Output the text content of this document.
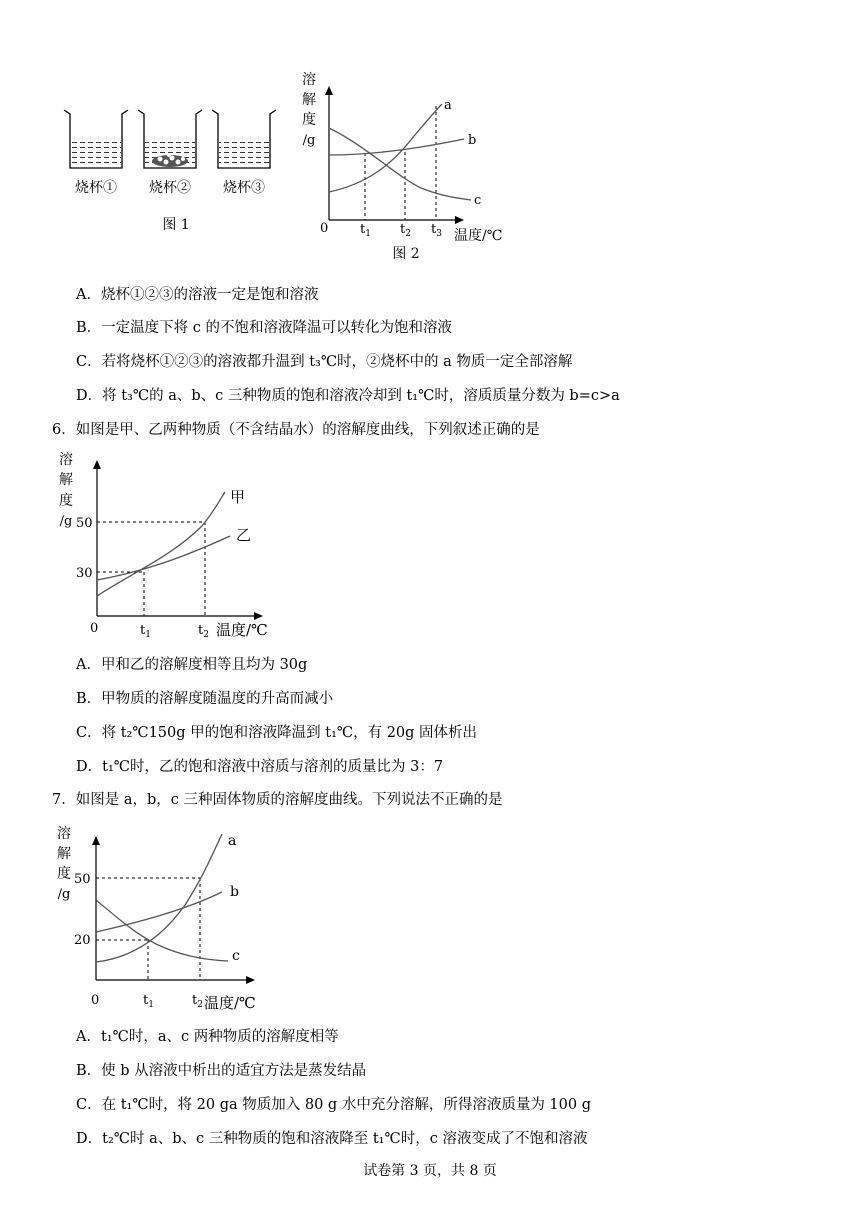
烧杯① 烧杯② 烧杯③
图 1
溶
解
度
/g
a
b
c
0 $t_1$ $t_2$ $t_3$ 温度/℃
图 2
A．烧杯①②③的溶液一定是饱和溶液
B．一定温度下将 c 的不饱和溶液降温可以转化为饱和溶液
C．若将烧杯①②③的溶液都升温到 t₃℃时，②烧杯中的 a 物质一定全部溶解
D．将 t₃℃的 a、b、c 三种物质的饱和溶液冷却到 t₁℃时，溶质质量分数为 b=c>a
6．如图是甲、乙两种物质（不含结晶水）的溶解度曲线，下列叙述正确的是
溶
解
度
/g
甲
乙
50
30
0	$t_1$	$t_2$ 温度/℃
A．甲和乙的溶解度相等且均为 30g
B．甲物质的溶解度随温度的升高而减小
C．将 t₂℃150g 甲的饱和溶液降温到 t₁℃，有 20g 固体析出
D．t₁℃时，乙的饱和溶液中溶质与溶剂的质量比为 3：7
7．如图是 a，b，c 三种固体物质的溶解度曲线。下列说法不正确的是
溶
解
度
/g
a
b
c
50
20
0	$t_1$	$t_2$ 温度/℃
A．t₁℃时，a、c 两种物质的溶解度相等
B．使 b 从溶液中析出的适宜方法是蒸发结晶
C．在 t₁℃时，将 20 ga 物质加入 80 g 水中充分溶解，所得溶液质量为 100 g
D．t₂℃时 a、b、c 三种物质的饱和溶液降至 t₁℃时，c 溶液变成了不饱和溶液
试卷第 3 页，共 8 页
